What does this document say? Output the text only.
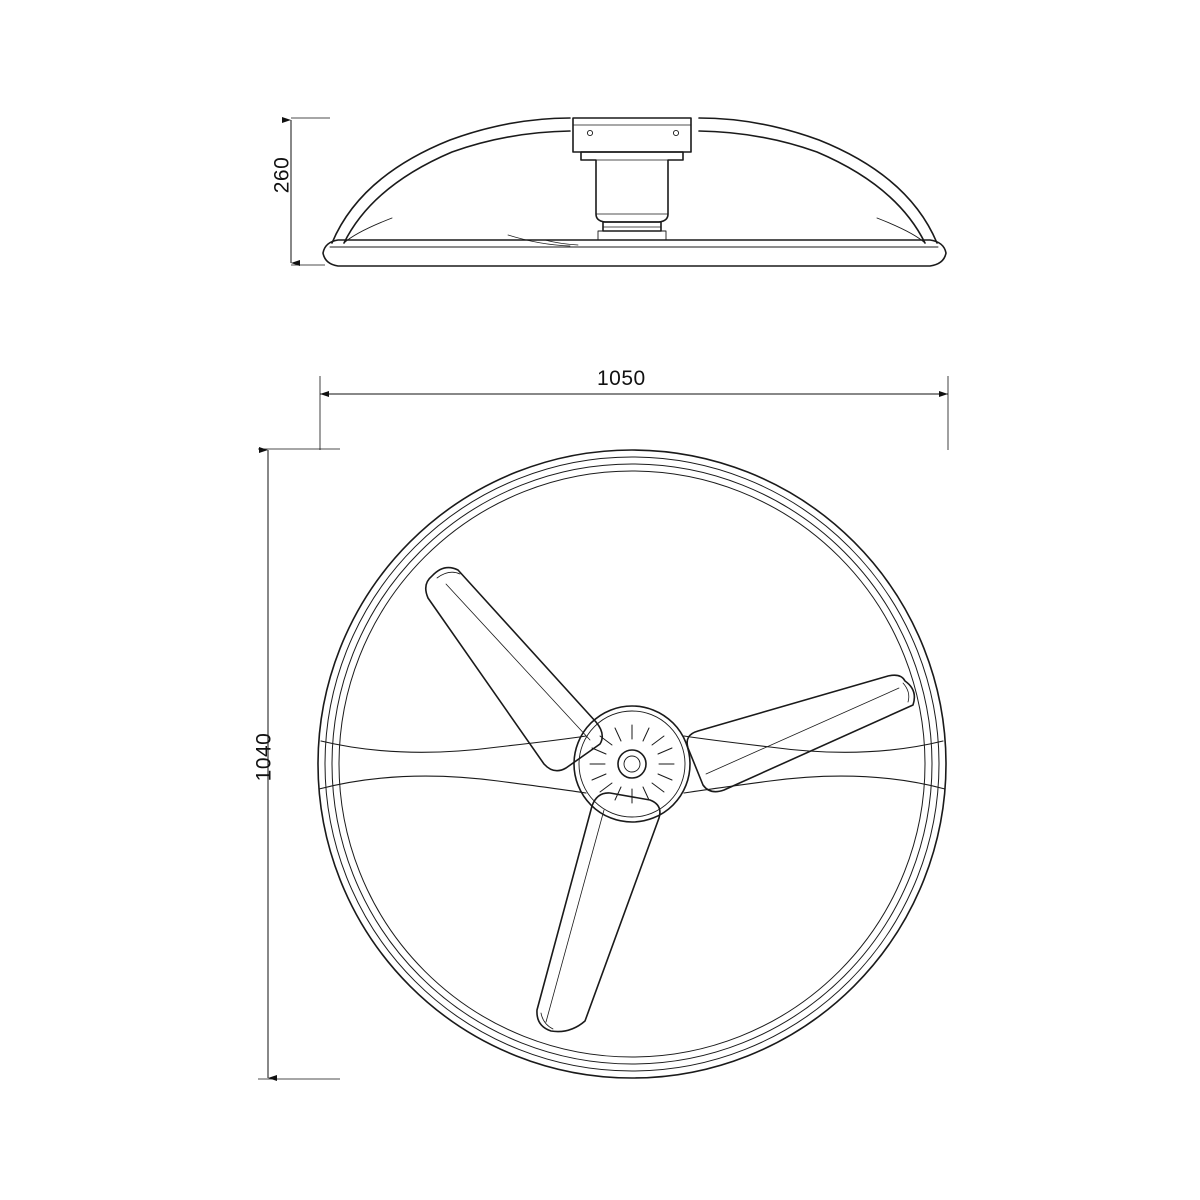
260
1050
1040
